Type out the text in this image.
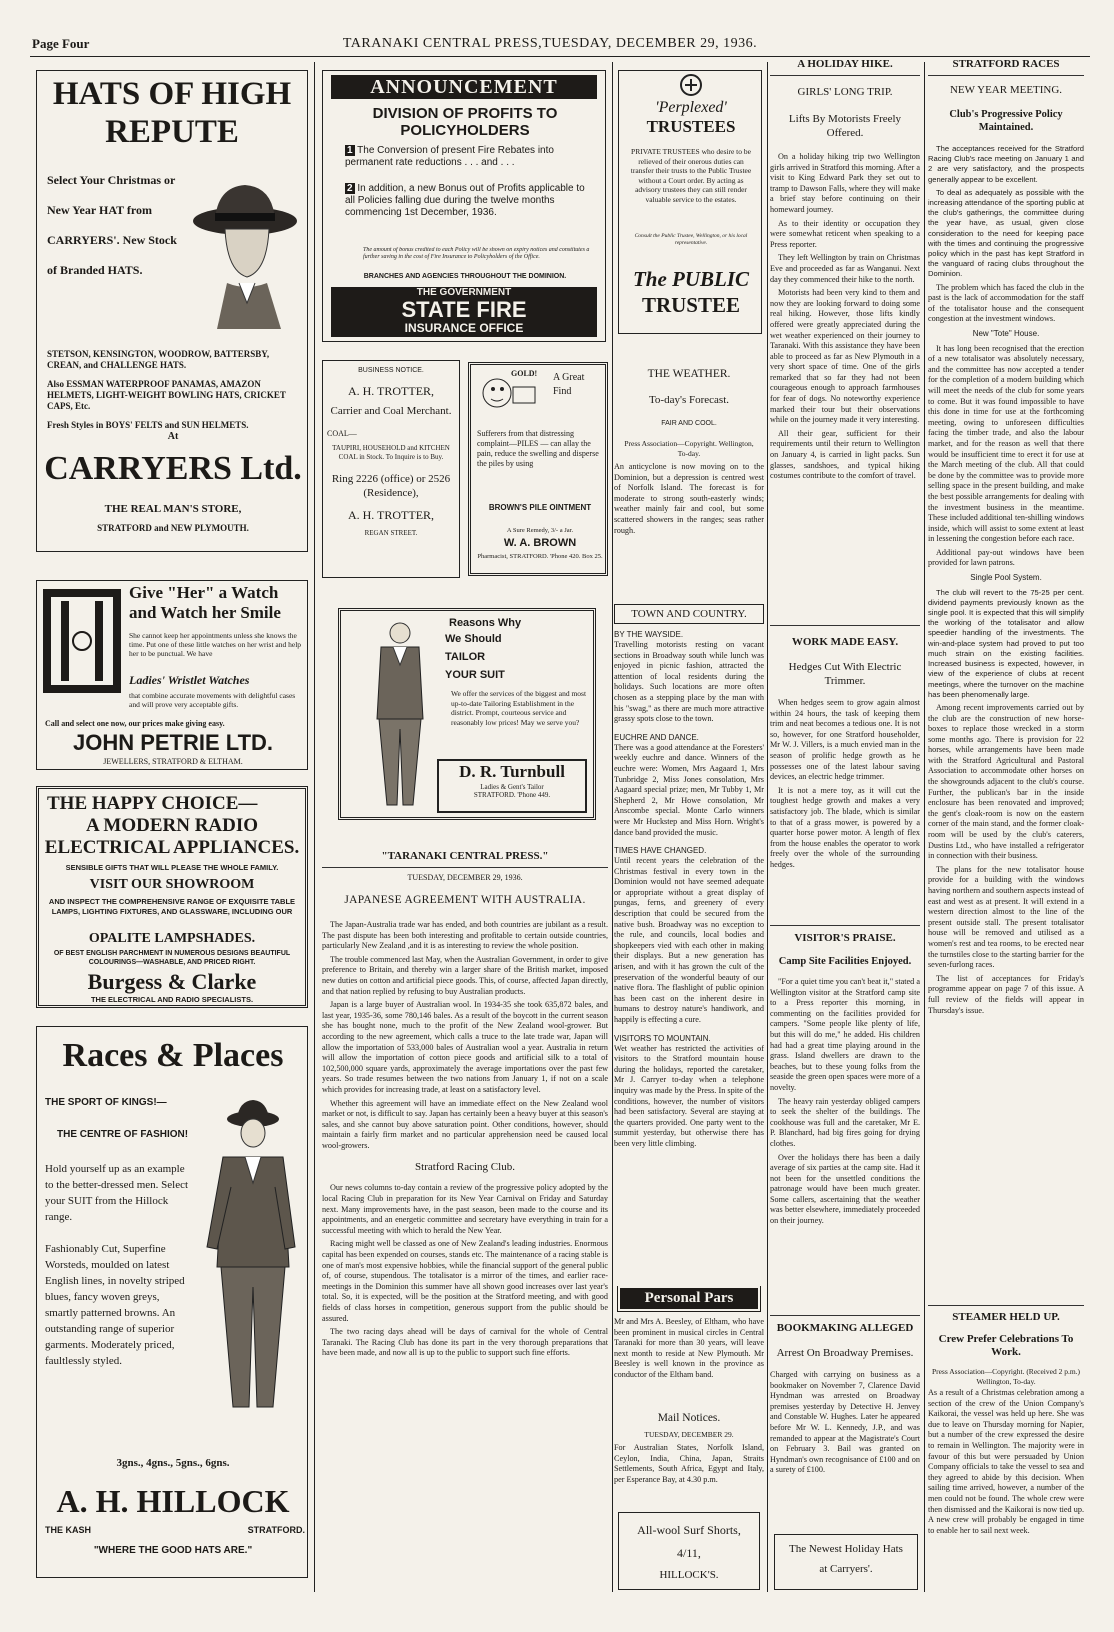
Page Four	TARANAKI CENTRAL PRESS,TUESDAY, DECEMBER 29, 1936.
HATS OF HIGH
REPUTE
Select Your Christmas or
New Year HAT from
CARRYERS'. New Stock
of Branded HATS.
STETSON, KENSINGTON, WOODROW, BATTERSBY, CREAN, and CHALLENGE HATS.
Also ESSMAN WATERPROOF PANAMAS, AMAZON HELMETS, LIGHT-WEIGHT BOWLING HATS, CRICKET CAPS, Etc.
Fresh Styles in BOYS' FELTS and SUN HELMETS.
At
CARRYERS Ltd.
THE REAL MAN'S STORE,
STRATFORD and NEW PLYMOUTH.
Give "Her" a Watch and Watch her Smile
She cannot keep her appointments unless she knows the time. Put one of these little watches on her wrist and help her to be punctual. We have
Ladies' Wristlet Watches
that combine accurate movements with delightful cases and will prove very acceptable gifts.
Call and select one now, our prices make giving easy.
JOHN PETRIE LTD.
JEWELLERS, STRATFORD & ELTHAM.
THE HAPPY CHOICE—
A MODERN RADIO
ELECTRICAL APPLIANCES.
SENSIBLE GIFTS THAT WILL PLEASE THE WHOLE FAMILY.
VISIT OUR SHOWROOM
AND INSPECT THE COMPREHENSIVE RANGE OF EXQUISITE TABLE LAMPS, LIGHTING FIXTURES, AND GLASSWARE, INCLUDING OUR
OPALITE LAMPSHADES.
OF BEST ENGLISH PARCHMENT IN NUMEROUS DESIGNS BEAUTIFUL COLOURINGS—WASHABLE, AND PRICED RIGHT.
Burgess & Clarke
THE ELECTRICAL AND RADIO SPECIALISTS.
Races & Places
THE SPORT OF KINGS!—
THE CENTRE OF FASHION!
Hold yourself up as an example to the better-dressed men. Select your SUIT from the Hillock range.
Fashionably Cut, Superfine Worsteds, moulded on latest English lines, in novelty striped blues, fancy woven greys, smartly patterned browns. An outstanding range of superior garments. Moderately priced, faultlessly styled.
3gns., 4gns., 5gns., 6gns.
A. H. HILLOCK
THE KASH	STRATFORD.
"WHERE THE GOOD HATS ARE."
ANNOUNCEMENT
DIVISION OF PROFITS TO POLICYHOLDERS
1 The Conversion of present Fire Rebates into permanent rate reductions . . . and . . .
2 In addition, a new Bonus out of Profits applicable to all Policies falling due during the twelve months commencing 1st December, 1936.
The amount of bonus credited to each Policy will be shown on expiry notices and constitutes a further saving in the cost of Fire Insurance to Policyholders of the Office.
BRANCHES AND AGENCIES THROUGHOUT THE DOMINION.
THE GOVERNMENT
STATE FIRE
INSURANCE OFFICE
BUSINESS NOTICE.
A. H. TROTTER,
Carrier and Coal Merchant.
COAL—
TAUPIRI, HOUSEHOLD and KITCHEN COAL in Stock. To Inquire is to Buy.
Ring 2226 (office) or 2526 (Residence),
A. H. TROTTER,
REGAN STREET.
GOLD!	A Great Find
Sufferers from that distressing complaint—PILES — can allay the pain, reduce the swelling and disperse the piles by using
BROWN'S PILE OINTMENT
A Sure Remedy, 3/- a Jar.
W. A. BROWN
Pharmacist, STRATFORD. 'Phone 420. Box 25.
Reasons Why
We Should
TAILOR
YOUR SUIT
We offer the services of the biggest and most up-to-date Tailoring Establishment in the district. Prompt, courteous service and reasonably low prices! May we serve you?
D. R. Turnbull
Ladies & Gent's Tailor
STRATFORD. 'Phone 449.
"TARANAKI CENTRAL PRESS."
TUESDAY, DECEMBER 29, 1936.
JAPANESE AGREEMENT WITH AUSTRALIA.

The Japan-Australia trade war has ended, and both countries are jubilant as a result. The past dispute has been both interesting and profitable to certain outside countries, particularly New Zealand ,and it is as interesting to review the whole position.

The trouble commenced last May, when the Australian Government, in order to give preference to Britain, and thereby win a larger share of the British market, imposed new duties on cotton and artificial piece goods. This, of course, affected Japan directly, and that nation replied by refusing to buy Australian products.

Japan is a large buyer of Australian wool. In 1934-35 she took 635,872 bales, and last year, 1935-36, some 780,146 bales. As a result of the boycott in the current season she has bought none, much to the profit of the New Zealand wool-grower. But according to the new agreement, which calls a truce to the late trade war, Japan will allow the importation of 533,000 bales of Australian wool a year. Australia in return will allow the importation of cotton piece goods and artificial silk to a total of 102,500,000 square yards, approximately the average importations over the past few years. So trade resumes between the two nations from January 1, if not on a scale which provides for increasing trade, at least on a satisfactory level.

Whether this agreement will have an immediate effect on the New Zealand wool market or not, is difficult to say. Japan has certainly been a heavy buyer at this season's sales, and she cannot buy above saturation point. Other conditions, however, should maintain a fairly firm market and no particular apprehension need be caused local wool-growers.

Stratford Racing Club.

Our news columns to-day contain a review of the progressive policy adopted by the local Racing Club in preparation for its New Year Carnival on Friday and Saturday next. Many improvements have, in the past season, been made to the course and its appointments, and an energetic committee and secretary have everything in train for a successful meeting with which to herald the New Year.

Racing might well be classed as one of New Zealand's leading industries. Enormous capital has been expended on courses, stands etc. The maintenance of a racing stable is one of man's most expensive hobbies, while the financial support of the general public of, of course, stupendous. The totalisator is a mirror of the times, and earlier race-meetings in the Dominion this summer have all shown good increases over last year's total. So, it is expected, will be the position at the Stratford meeting, and with good fields of class horses in competition, generous support from the public should be assured.

The two racing days ahead will be days of carnival for the whole of Central Taranaki. The Racing Club has done its part in the very thorough preparations that have been made, and now all is up to the public to support such fine efforts.

'Perplexed'
TRUSTEES
PRIVATE TRUSTEES who desire to be relieved of their onerous duties can transfer their trusts to the Public Trustee without a Court order. By acting as advisory trustees they can still render valuable service to the estates.
Consult the Public Trustee, Wellington, or his local representative.
The PUBLIC
TRUSTEE
THE WEATHER.
To-day's Forecast.
FAIR AND COOL.
Press Association—Copyright. Wellington, To-day.
An anticyclone is now moving on to the Dominion, but a depression is centred west of Norfolk Island. The forecast is for moderate to strong south-easterly winds; weather mainly fair and cool, but some scattered showers in the ranges; seas rather rough.
TOWN AND COUNTRY.
BY THE WAYSIDE.
Travelling motorists resting on vacant sections in Broadway south while lunch was enjoyed in picnic fashion, attracted the attention of local residents during the holidays. Such locations are more often chosen as a stepping place by the man with his "swag," as there are much more attractive grassy spots close to the town.
EUCHRE AND DANCE.
There was a good attendance at the Foresters' weekly euchre and dance. Winners of the euchre were: Women, Mrs Aagaard 1, Mrs Tunbridge 2, Miss Jones consolation, Mrs Aagaard special prize; men, Mr Tubby 1, Mr Shepherd 2, Mr Howe consolation, Mr Anscombe special. Monte Carlo winners were Mr Huckstep and Miss Horn. Wright's dance band provided the music.
TIMES HAVE CHANGED.
Until recent years the celebration of the Christmas festival in every town in the Dominion would not have seemed adequate or appropriate without a great display of pungas, ferns, and greenery of every description that could be secured from the native bush. Broadway was no exception to the rule, and councils, local bodies and shopkeepers vied with each other in making their displays. But a new generation has arisen, and with it has grown the cult of the preservation of the wonderful beauty of our native flora. The flashlight of public opinion has been cast on the inherent desire in humans to destroy nature's handiwork, and happily is effecting a cure.
VISITORS TO MOUNTAIN.
Wet weather has restricted the activities of visitors to the Stratford mountain house during the holidays, reported the caretaker, Mr J. Carryer to-day when a telephone inquiry was made by the Press. In spite of the conditions, however, the number of visitors had been satisfactory. Several are staying at the quarters provided. One party went to the summit yesterday, but otherwise there has been very little climbing.
Personal Pars
Mr and Mrs A. Beesley, of Eltham, who have been prominent in musical circles in Central Taranaki for more than 30 years, will leave next month to reside at New Plymouth. Mr Beesley is well known in the province as conductor of the Eltham band.
Mail Notices.
TUESDAY, DECEMBER 29.
For Australian States, Norfolk Island, Ceylon, India, China, Japan, Straits Settlements, South Africa, Egypt and Italy, per Esperance Bay, at 4.30 p.m.
All-wool Surf Shorts,
4/11,
HILLOCK'S.
A HOLIDAY HIKE.
GIRLS' LONG TRIP.
Lifts By Motorists Freely Offered.

On a holiday hiking trip two Wellington girls arrived in Stratford this morning. After a visit to King Edward Park they set out to tramp to Dawson Falls, where they will make a brief stay before continuing on their homeward journey.

As to their identity or occupation they were somewhat reticent when speaking to a Press reporter.

They left Wellington by train on Christmas Eve and proceeded as far as Wanganui. Next day they commenced their hike to the north.

Motorists had been very kind to them and now they are looking forward to doing some real hiking. However, those lifts kindly offered were greatly appreciated during the wet weather experienced on their journey to Taranaki. With this assistance they have been able to proceed as far as New Plymouth in a very short space of time. One of the girls remarked that so far they had not been courageous enough to approach farmhouses for fear of dogs. No noteworthy experience marked their tour but their observations while on the journey made it very interesting.

All their gear, sufficient for their requirements until their return to Wellington on January 4, is carried in light packs. Sun glasses, sandshoes, and typical hiking costumes contribute to the comfort of travel.

WORK MADE EASY.
Hedges Cut With Electric Trimmer.

When hedges seem to grow again almost within 24 hours, the task of keeping them trim and neat becomes a tedious one. It is not so, however, for one Stratford householder, Mr W. J. Villers, is a much envied man in the season of prolific hedge growth as he possesses one of the latest labour saving devices, an electric hedge trimmer.

It is not a mere toy, as it will cut the toughest hedge growth and makes a very satisfactory job. The blade, which is similar to that of a grass mower, is powered by a quarter horse power motor. A length of flex from the house enables the operator to work freely over the whole of the surrounding hedges.

VISITOR'S PRAISE.
Camp Site Facilities Enjoyed.

"For a quiet time you can't beat it," stated a Wellington visitor at the Stratford camp site to a Press reporter this morning, in commenting on the facilities provided for campers. "Some people like plenty of life, but this will do me," he added. His children had had a great time playing around in the grass. Island dwellers are drawn to the beaches, but to these young folks from the seaside the green open spaces were more of a novelty.

The heavy rain yesterday obliged campers to seek the shelter of the buildings. The cookhouse was full and the caretaker, Mr E. P. Blanchard, had big fires going for drying clothes.

Over the holidays there has been a daily average of six parties at the camp site. Had it not been for the unsettled conditions the patronage would have been much greater. Some callers, ascertaining that the weather was better elsewhere, immediately proceeded on their journey.

BOOKMAKING ALLEGED
Arrest On Broadway Premises.
Charged with carrying on business as a bookmaker on November 7, Clarence David Hyndman was arrested on Broadway premises yesterday by Detective H. Jenvey and Constable W. Hughes. Later he appeared before Mr W. L. Kennedy, J.P., and was remanded to appear at the Magistrate's Court on February 3. Bail was granted on Hyndman's own recognisance of £100 and on a surety of £100.
The Newest Holiday Hats
at Carryers'.
STRATFORD RACES
NEW YEAR MEETING.
Club's Progressive Policy Maintained.

The acceptances received for the Stratford Racing Club's race meeting on January 1 and 2 are very satisfactory, and the prospects generally appear to be excellent.

To deal as adequately as possible with the increasing attendance of the sporting public at the club's gatherings, the committee during the year have, as usual, given close consideration to the need for keeping pace with the times and continuing the progressive policy which in the past has kept Stratford in the vanguard of racing clubs throughout the Dominion.

The problem which has faced the club in the past is the lack of accommodation for the staff of the totalisator house and the consequent congestion at the investment windows.

New "Tote" House.

It has long been recognised that the erection of a new totalisator was absolutely necessary, and the committee has now accepted a tender for the completion of a modern building which will meet the needs of the club for some years to come. But it was found impossible to have this done in time for use at the forthcoming meeting, owing to unforeseen difficulties facing the timber trade, and also the labour market, and for the reason as well that there would be insufficient time to erect it for use at the March meeting of the club. All that could be done by the committee was to provide more selling space in the present building, and make the best possible arrangements for dealing with the investment business in the meantime. These included additional ten-shilling windows inside, which will assist to some extent at least in lessening the congestion before each race.

Additional pay-out windows have been provided for lawn patrons.

Single Pool System.

The club will revert to the 75-25 per cent. dividend payments previously known as the single pool. It is expected that this will simplify the working of the totalisator and allow speedier handling of the investments. The win-and-place system had proved to put too much strain on the existing facilities. Increased business is expected, however, in view of the experience of clubs at recent meetings, where the turnover on the machine has been phenomenally large.

Among recent improvements carried out by the club are the construction of new horse-boxes to replace those wrecked in a storm some months ago. There is provision for 22 horses, while arrangements have been made with the Stratford Agricultural and Pastoral Association to accommodate other horses on the showgrounds adjacent to the club's course. Further, the publican's bar in the inside enclosure has been renovated and improved; the gent's cloak-room is now on the eastern corner of the main stand, and the former cloak-room will be used by the club's caterers, Dustins Ltd., who have installed a refrigerator in connection with their business.

The plans for the new totalisator house provide for a building with the windows having northern and southern aspects instead of east and west as at present. It will extend in a western direction almost to the line of the present outside stall. The present totalisator house will be removed and utilised as a women's rest and tea rooms, to be erected near the turnstiles close to the starting barrier for the seven-furlong races.

The list of acceptances for Friday's programme appear on page 7 of this issue. A full review of the fields will appear in Thursday's issue.

STEAMER HELD UP.
Crew Prefer Celebrations To Work.
Press Association—Copyright. (Received 2 p.m.) Wellington, To-day.
As a result of a Christmas celebration among a section of the crew of the Union Company's Kaikorai, the vessel was held up here. She was due to leave on Thursday morning for Napier, but a number of the crew expressed the desire to remain in Wellington. The majority were in favour of this but were persuaded by Union Company officials to take the vessel to sea and they agreed to abide by this decision. When sailing time arrived, however, a number of the men could not be found. The whole crew were then dismissed and the Kaikorai is now tied up. A new crew will probably be engaged in time to enable her to sail next week.
